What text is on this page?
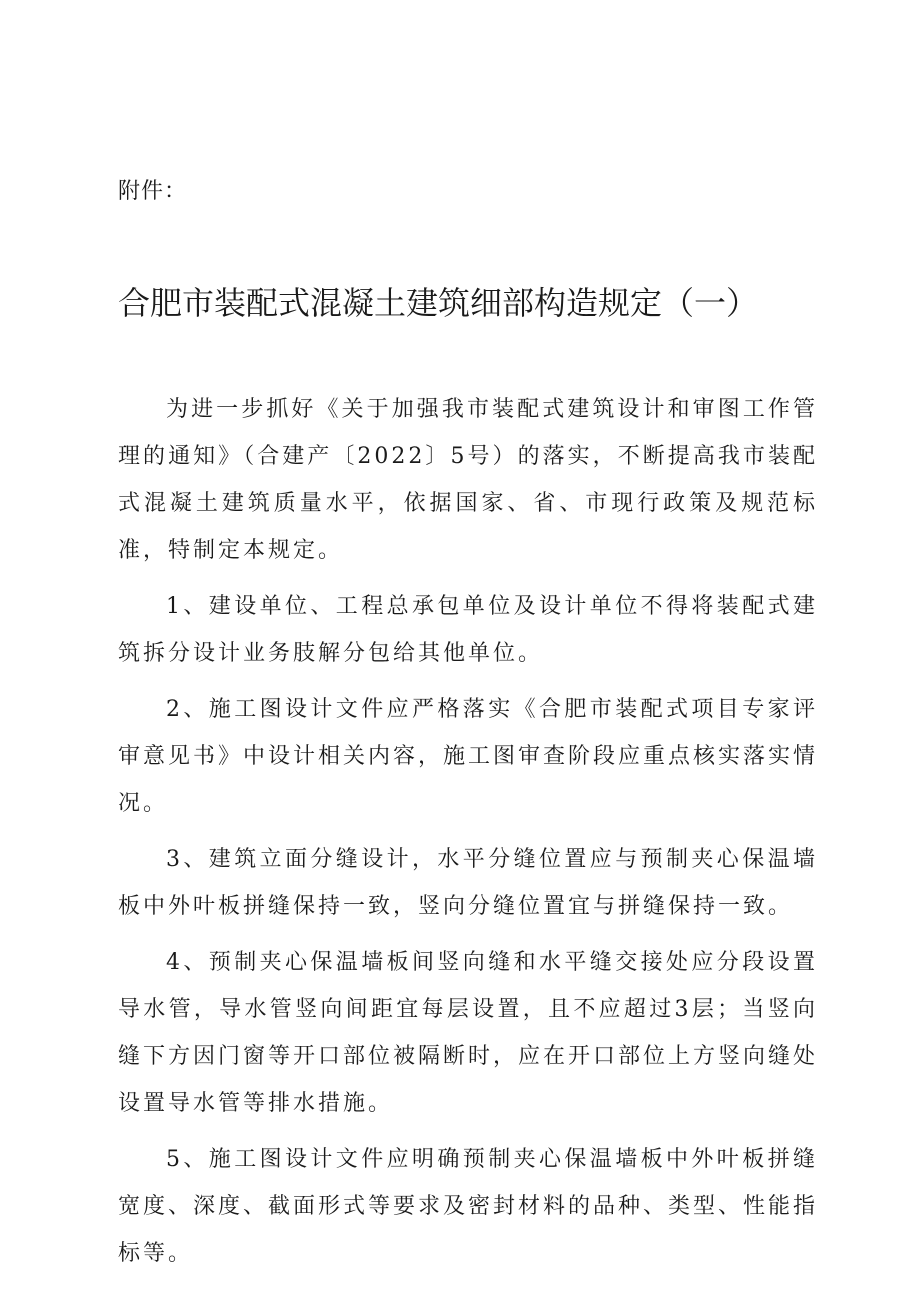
附件：
合肥市装配式混凝土建筑细部构造规定（一）

为进一步抓好《关于加强我市装配式建筑设计和审图工作管理的通知》（合建产〔2022〕5号）的落实，不断提高我市装配式混凝土建筑质量水平，依据国家、省、市现行政策及规范标准，特制定本规定。

1、建设单位、工程总承包单位及设计单位不得将装配式建筑拆分设计业务肢解分包给其他单位。

2、施工图设计文件应严格落实《合肥市装配式项目专家评审意见书》中设计相关内容，施工图审查阶段应重点核实落实情况。

3、建筑立面分缝设计，水平分缝位置应与预制夹心保温墙板中外叶板拼缝保持一致，竖向分缝位置宜与拼缝保持一致。

4、预制夹心保温墙板间竖向缝和水平缝交接处应分段设置导水管，导水管竖向间距宜每层设置，且不应超过3层；当竖向缝下方因门窗等开口部位被隔断时，应在开口部位上方竖向缝处设置导水管等排水措施。

5、施工图设计文件应明确预制夹心保温墙板中外叶板拼缝宽度、深度、截面形式等要求及密封材料的品种、类型、性能指标等。
